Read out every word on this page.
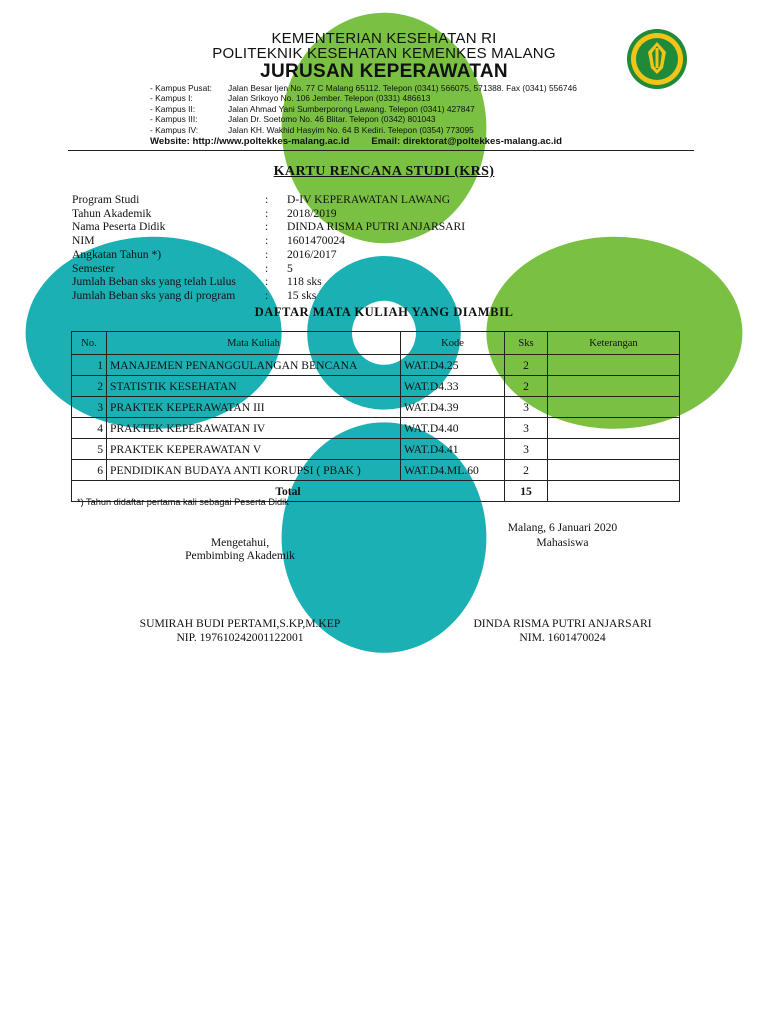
KEMENTERIAN KESEHATAN RI
POLITEKNIK KESEHATAN KEMENKES MALANG
JURUSAN KEPERAWATAN
- Kampus Pusat:	Jalan Besar Ijen No. 77 C Malang 65112. Telepon (0341) 566075, 571388. Fax (0341) 556746
- Kampus I:	Jalan Srikoyo No. 106 Jember. Telepon (0331) 486613
- Kampus II:	Jalan Ahmad Yani Sumberporong Lawang. Telepon (0341) 427847
- Kampus III:	Jalan Dr. Soetomo No. 46 Blitar. Telepon (0342) 801043
- Kampus IV:	Jalan KH. Wakhid Hasyim No. 64 B Kediri. Telepon (0354) 773095
Website: http://www.poltekkes-malang.ac.id Email: direktorat@poltekkes-malang.ac.id
KARTU RENCANA STUDI (KRS)
Program Studi	:	D-IV KEPERAWATAN LAWANG
Tahun Akademik	:	2018/2019
Nama Peserta Didik	:	DINDA RISMA PUTRI ANJARSARI
NIM	:	1601470024
Angkatan Tahun *)	:	2016/2017
Semester	:	5
Jumlah Beban sks yang telah Lulus	:	118 sks
Jumlah Beban sks yang di program	:	15 sks
DAFTAR MATA KULIAH YANG DIAMBIL
No.	Mata Kuliah	Kode	Sks	Keterangan
1	MANAJEMEN PENANGGULANGAN BENCANA	WAT.D4.25	2	
2	STATISTIK KESEHATAN	WAT.D4.33	2	
3	PRAKTEK KEPERAWATAN III	WAT.D4.39	3	
4	PRAKTEK KEPERAWATAN IV	WAT.D4.40	3	
5	PRAKTEK KEPERAWATAN V	WAT.D4.41	3	
6	PENDIDIKAN BUDAYA ANTI KORUPSI ( PBAK )	WAT.D4.ML.60	2	
Total			15	
*) Tahun didaftar pertama kali sebagai Peserta Didik
Malang, 6 Januari 2020
Mahasiswa
Mengetahui,
Pembimbing Akademik
SUMIRAH BUDI PERTAMI,S.KP,M.KEP
NIP. 197610242001122001
DINDA RISMA PUTRI ANJARSARI
NIM. 1601470024
